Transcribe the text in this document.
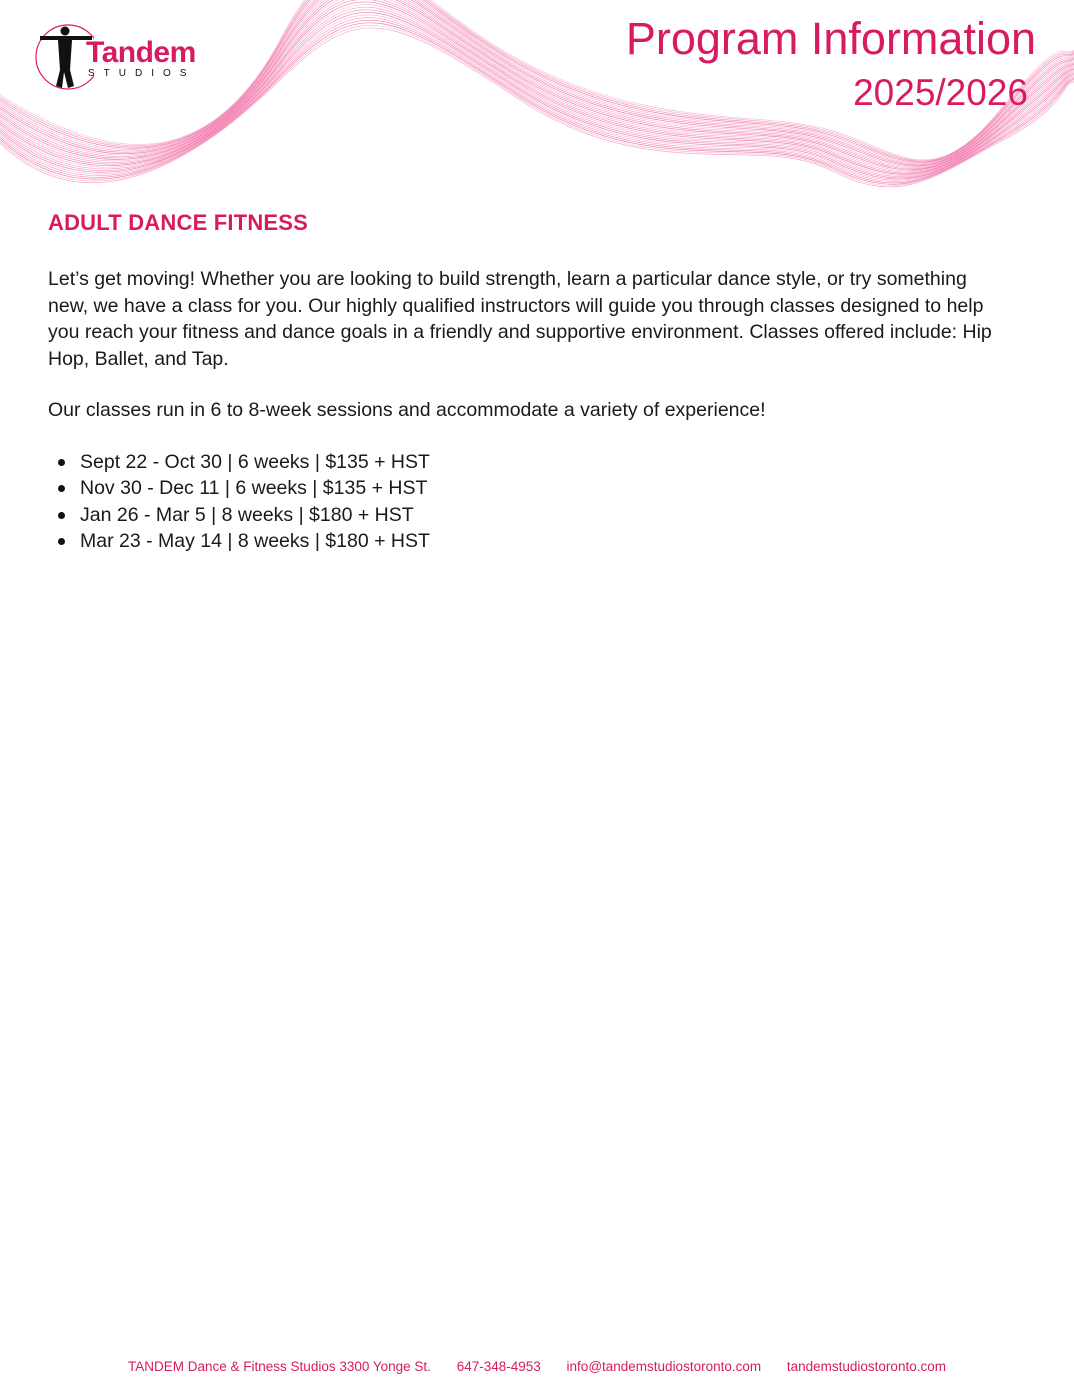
Tandem
STUDIOS
Program Information
2025/2026
ADULT DANCE FITNESS

Let’s get moving! Whether you are looking to build strength, learn a particular dance style, or try something new, we have a class for you. Our highly qualified instructors will guide you through classes designed to help you reach your fitness and dance goals in a friendly and supportive environment. Classes offered include: Hip Hop, Ballet, and Tap.

Our classes run in 6 to 8-week sessions and accommodate a variety of experience!

Sept 22 - Oct 30 | 6 weeks | $135 + HST
Nov 30 - Dec 11 | 6 weeks | $135 + HST
Jan 26 - Mar 5 | 8 weeks | $180 + HST
Mar 23 - May 14 | 8 weeks | $180 + HST
TANDEM Dance & Fitness Studios 3300 Yonge St. 647-348-4953 info@tandemstudiostoronto.com tandemstudiostoronto.com
